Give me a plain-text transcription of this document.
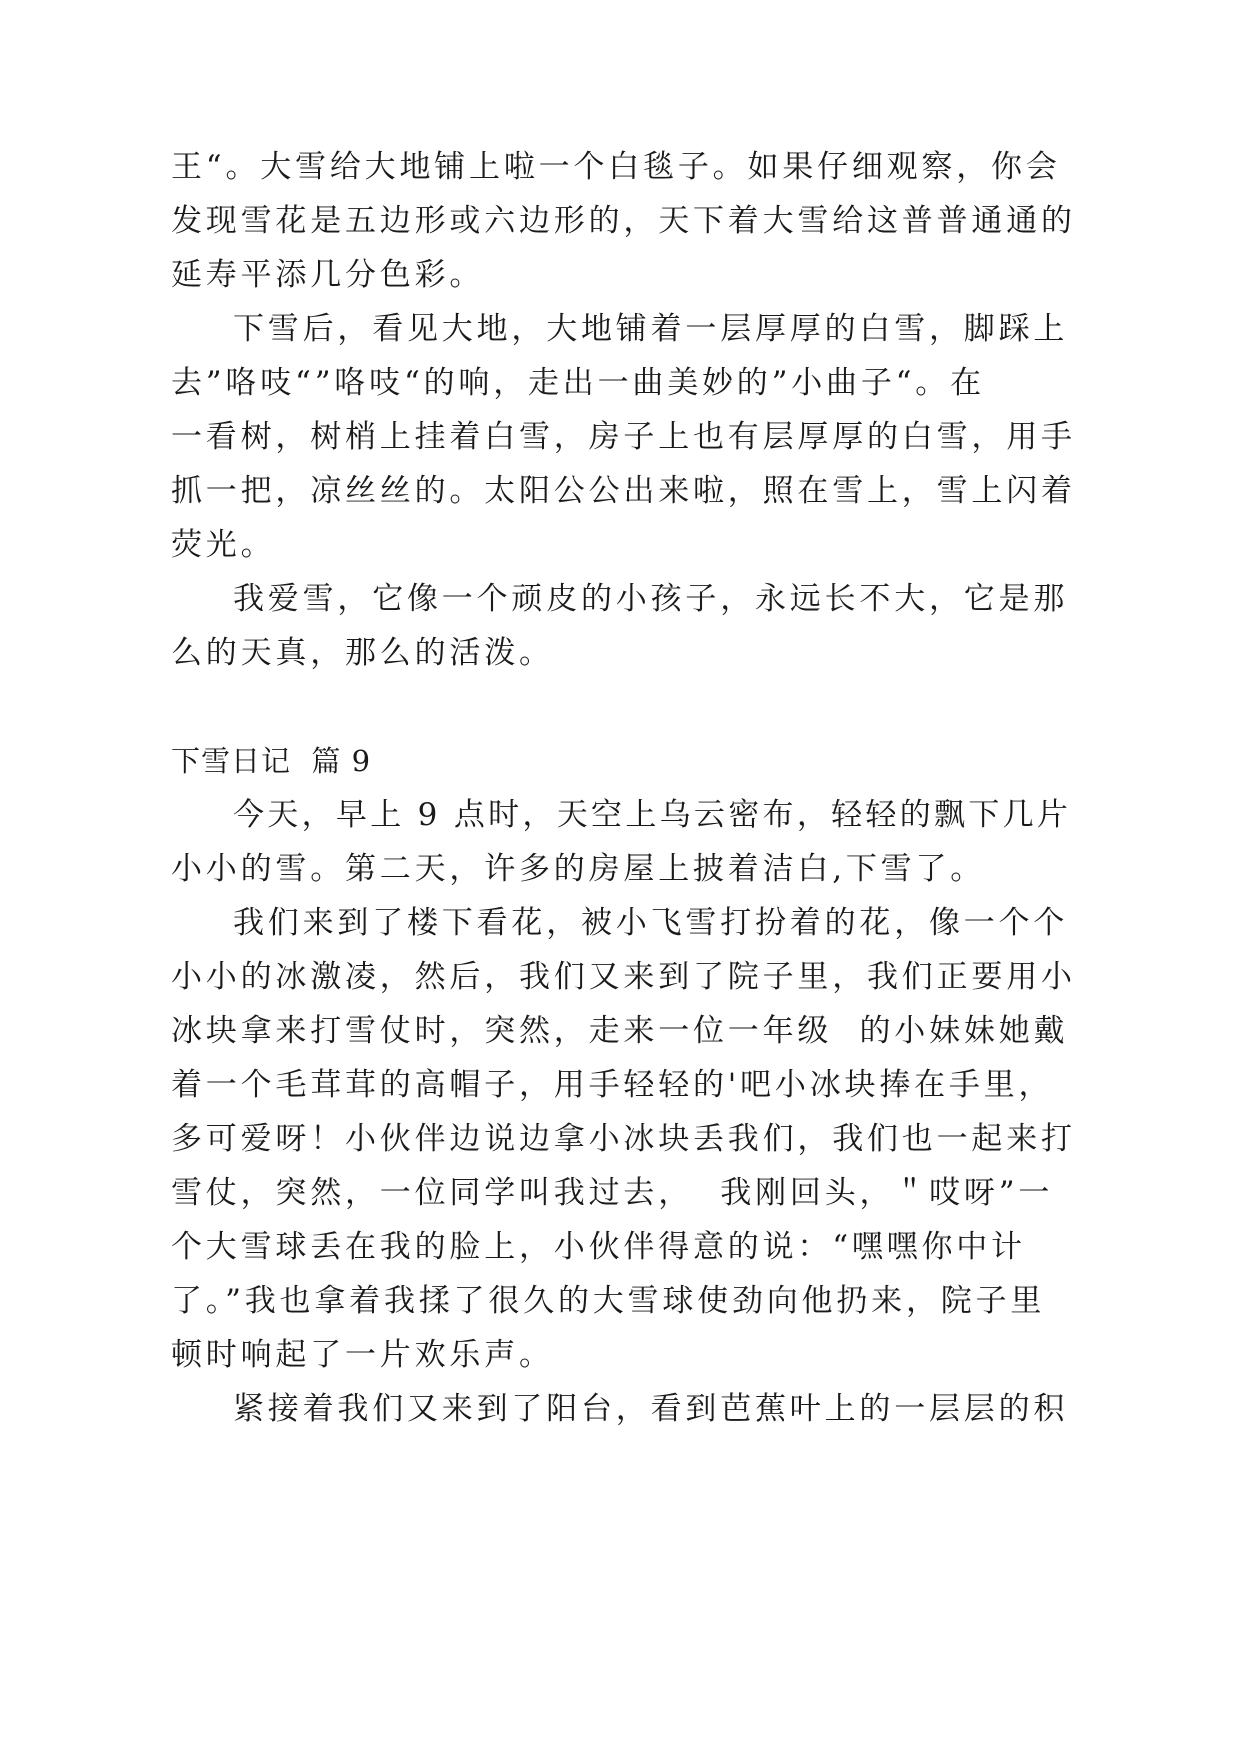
王“。大雪给大地铺上啦一个白毯子。如果仔细观察，你会
发现雪花是五边形或六边形的，天下着大雪给这普普通通的
延寿平添几分色彩。
下雪后，看见大地，大地铺着一层厚厚的白雪，脚踩上
去”咯吱“”咯吱“的响，走出一曲美妙的”小曲子“。在
一看树，树梢上挂着白雪，房子上也有层厚厚的白雪，用手
抓一把，凉丝丝的。太阳公公出来啦，照在雪上，雪上闪着
荧光。
我爱雪，它像一个顽皮的小孩子，永远长不大，它是那
么的天真，那么的活泼。
下雪日记  篇 9
今天，早上 9 点时，天空上乌云密布，轻轻的飘下几片
小小的雪。第二天，许多的房屋上披着洁白,下雪了。
我们来到了楼下看花，被小飞雪打扮着的花，像一个个
小小的冰激凌，然后，我们又来到了院子里，我们正要用小
冰块拿来打雪仗时，突然，走来一位一年级  的小妹妹她戴
着一个毛茸茸的高帽子，用手轻轻的'吧小冰块捧在手里，
多可爱呀！小伙伴边说边拿小冰块丢我们，我们也一起来打
雪仗，突然，一位同学叫我过去，  我刚回头，＂哎呀”一
个大雪球丢在我的脸上，小伙伴得意的说：“嘿嘿你中计
了。”我也拿着我揉了很久的大雪球使劲向他扔来，院子里
顿时响起了一片欢乐声。
紧接着我们又来到了阳台，看到芭蕉叶上的一层层的积
